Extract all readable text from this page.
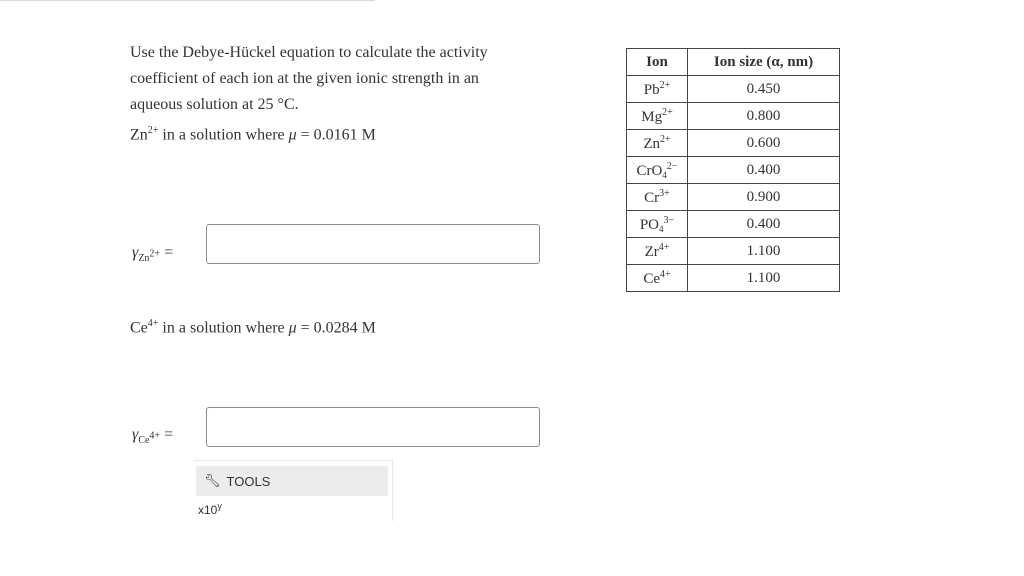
Use the Debye-Hückel equation to calculate the activity coefficient of each ion at the given ionic strength in an aqueous solution at 25 °C.
$Zn^{2+}$ in a solution where μ = 0.0161 M
$\gamma_{Zn^{2+}}$ =
$Ce^{4+}$ in a solution where μ = 0.0284 M
$\gamma_{Ce^{4+}}$ =
🔧︎ TOOLS
x10$^y$
Ion	Ion size (α, nm)
$Pb^{2+}$	0.450
$Mg^{2+}$	0.800
$Zn^{2+}$	0.600
CrO$_4^{2-}$	0.400
$Cr^{3+}$	0.900
$PO_4^{3-}$	0.400
$Zr^{4+}$	1.100
$Ce^{4+}$	1.100
